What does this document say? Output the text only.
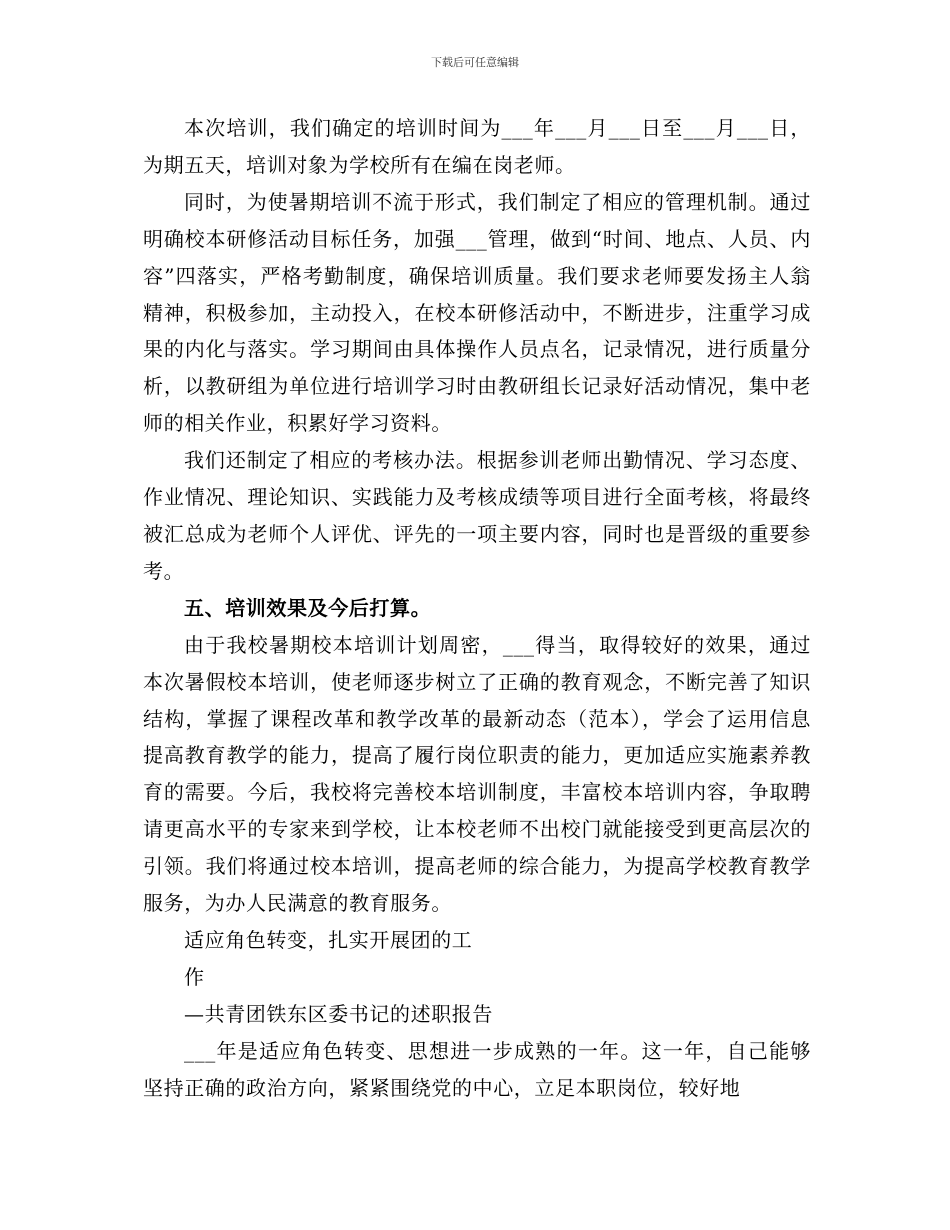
下载后可任意编辑

本次培训，我们确定的培训时间为___年___月___日至___月___日，为期五天，培训对象为学校所有在编在岗老师。

同时，为使暑期培训不流于形式，我们制定了相应的管理机制。通过明确校本研修活动目标任务，加强___管理，做到“时间、地点、人员、内容”四落实，严格考勤制度，确保培训质量。我们要求老师要发扬主人翁精神，积极参加，主动投入，在校本研修活动中，不断进步，注重学习成果的内化与落实。学习期间由具体操作人员点名，记录情况，进行质量分析，以教研组为单位进行培训学习时由教研组长记录好活动情况，集中老师的相关作业，积累好学习资料。

我们还制定了相应的考核办法。根据参训老师出勤情况、学习态度、作业情况、理论知识、实践能力及考核成绩等项目进行全面考核，将最终被汇总成为老师个人评优、评先的一项主要内容，同时也是晋级的重要参考。

五、培训效果及今后打算。

由于我校暑期校本培训计划周密，___得当，取得较好的效果，通过本次暑假校本培训，使老师逐步树立了正确的教育观念，不断完善了知识结构，掌握了课程改革和教学改革的最新动态（范本），学会了运用信息提高教育教学的能力，提高了履行岗位职责的能力，更加适应实施素养教育的需要。今后，我校将完善校本培训制度，丰富校本培训内容，争取聘请更高水平的专家来到学校，让本校老师不出校门就能接受到更高层次的引领。我们将通过校本培训，提高老师的综合能力，为提高学校教育教学服务，为办人民满意的教育服务。

适应角色转变，扎实开展团的工

作

—共青团铁东区委书记的述职报告

___年是适应角色转变、思想进一步成熟的一年。这一年，自己能够坚持正确的政治方向，紧紧围绕党的中心，立足本职岗位，较好地
